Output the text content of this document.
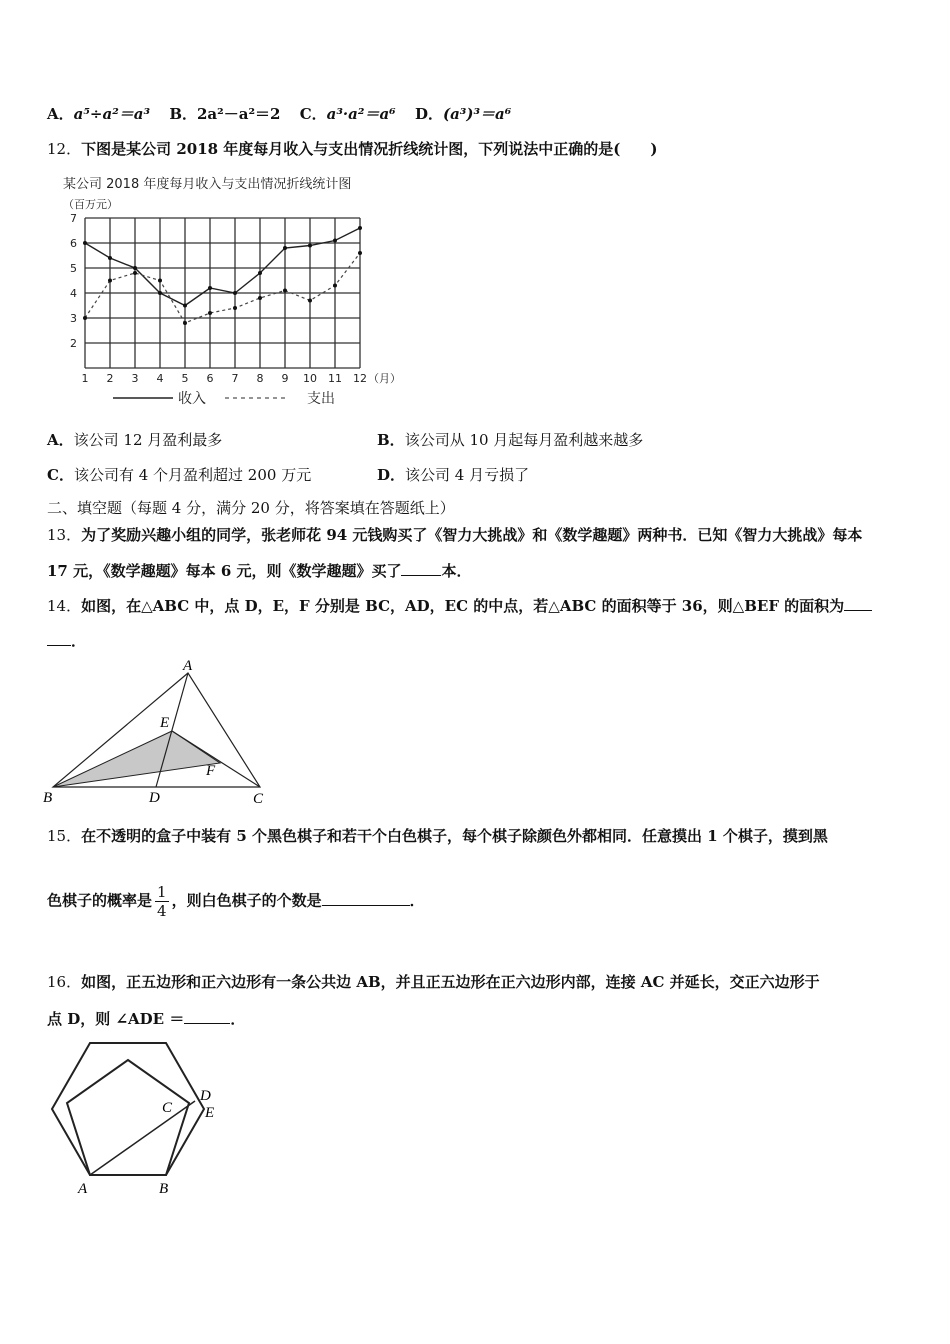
A．a⁵÷a²＝a³ B．2a²－a²＝2 C．a³·a²＝a⁶ D．(a³)³＝a⁶
12．下图是某公司 2018 年度每月收入与支出情况折线统计图，下列说法中正确的是(　　)
某公司 2018 年度每月收入与支出情况折线统计图
（百万元）
1 2 3 4 5 6 7 8 9 10 11 12 （月）
2
3
4
5
6
7
收入	支出
A．该公司 12 月盈利最多	B．该公司从 10 月起每月盈利越来越多
C．该公司有 4 个月盈利超过 200 万元	D．该公司 4 月亏损了
二、填空题（每题 4 分，满分 20 分，将答案填在答题纸上）
13．为了奖励兴趣小组的同学，张老师花 94 元钱购买了《智力大挑战》和《数学趣题》两种书．已知《智力大挑战》每本
17 元，《数学趣题》每本 6 元，则《数学趣题》买了	本．
14．如图，在△ABC 中，点 D，E，F 分别是 BC，AD，EC 的中点，若△ABC 的面积等于 36，则△BEF 的面积为
．
A
B	C
D
E
F
15．在不透明的盒子中装有 5 个黑色棋子和若干个白色棋子，每个棋子除颜色外都相同．任意摸出 1 个棋子，摸到黑
色棋子的概率是 $\frac{1}{4}$ ，则白色棋子的个数是	．
16．如图，正五边形和正六边形有一条公共边 AB，并且正五边形在正六边形内部，连接 AC 并延长，交正六边形于
点 D，则 ∠ADE ＝	．
A	B
C
D
E
